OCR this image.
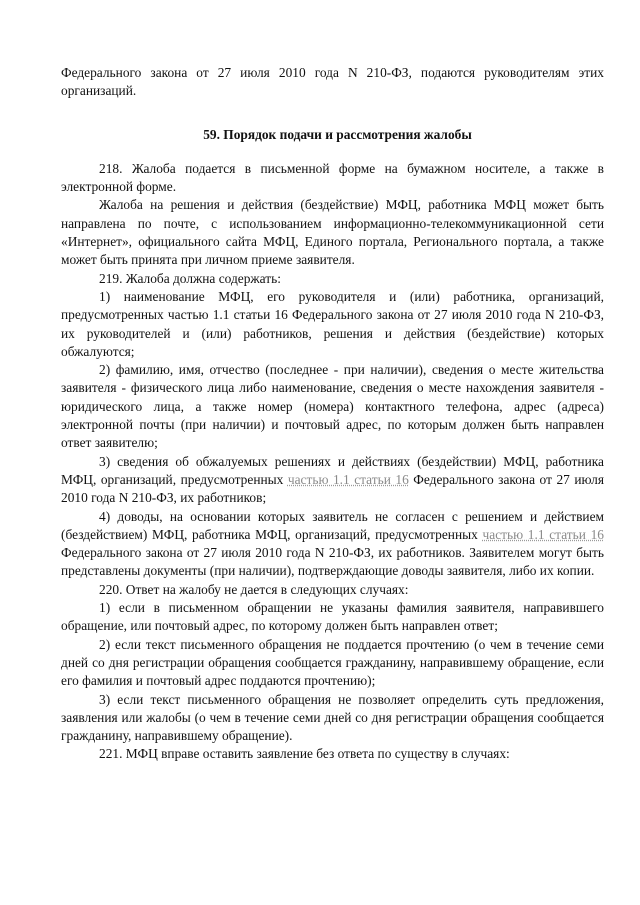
Федерального закона от 27 июля 2010 года N 210-ФЗ, подаются руководителям этих организаций.

59. Порядок подачи и рассмотрения жалобы

218. Жалоба подается в письменной форме на бумажном носителе, а также в электронной форме.

Жалоба на решения и действия (бездействие) МФЦ, работника МФЦ может быть направлена по почте, с использованием информационно-телекоммуникационной сети «Интернет», официального сайта МФЦ, Единого портала, Регионального портала, а также может быть принята при личном приеме заявителя.

219. Жалоба должна содержать:

1) наименование МФЦ, его руководителя и (или) работника, организаций, предусмотренных частью 1.1 статьи 16 Федерального закона от 27 июля 2010 года N 210-ФЗ, их руководителей и (или) работников, решения и действия (бездействие) которых обжалуются;

2) фамилию, имя, отчество (последнее - при наличии), сведения о месте жительства заявителя - физического лица либо наименование, сведения о месте нахождения заявителя - юридического лица, а также номер (номера) контактного телефона, адрес (адреса) электронной почты (при наличии) и почтовый адрес, по которым должен быть направлен ответ заявителю;

3) сведения об обжалуемых решениях и действиях (бездействии) МФЦ, работника МФЦ, организаций, предусмотренных частью 1.1 статьи 16 Федерального закона от 27 июля 2010 года N 210-ФЗ, их работников;

4) доводы, на основании которых заявитель не согласен с решением и действием (бездействием) МФЦ, работника МФЦ, организаций, предусмотренных частью 1.1 статьи 16 Федерального закона от 27 июля 2010 года N 210-ФЗ, их работников. Заявителем могут быть представлены документы (при наличии), подтверждающие доводы заявителя, либо их копии.

220. Ответ на жалобу не дается в следующих случаях:

1) если в письменном обращении не указаны фамилия заявителя, направившего обращение, или почтовый адрес, по которому должен быть направлен ответ;

2) если текст письменного обращения не поддается прочтению (о чем в течение семи дней со дня регистрации обращения сообщается гражданину, направившему обращение, если его фамилия и почтовый адрес поддаются прочтению);

3) если текст письменного обращения не позволяет определить суть предложения, заявления или жалобы (о чем в течение семи дней со дня регистрации обращения сообщается гражданину, направившему обращение).

221. МФЦ вправе оставить заявление без ответа по существу в случаях:
